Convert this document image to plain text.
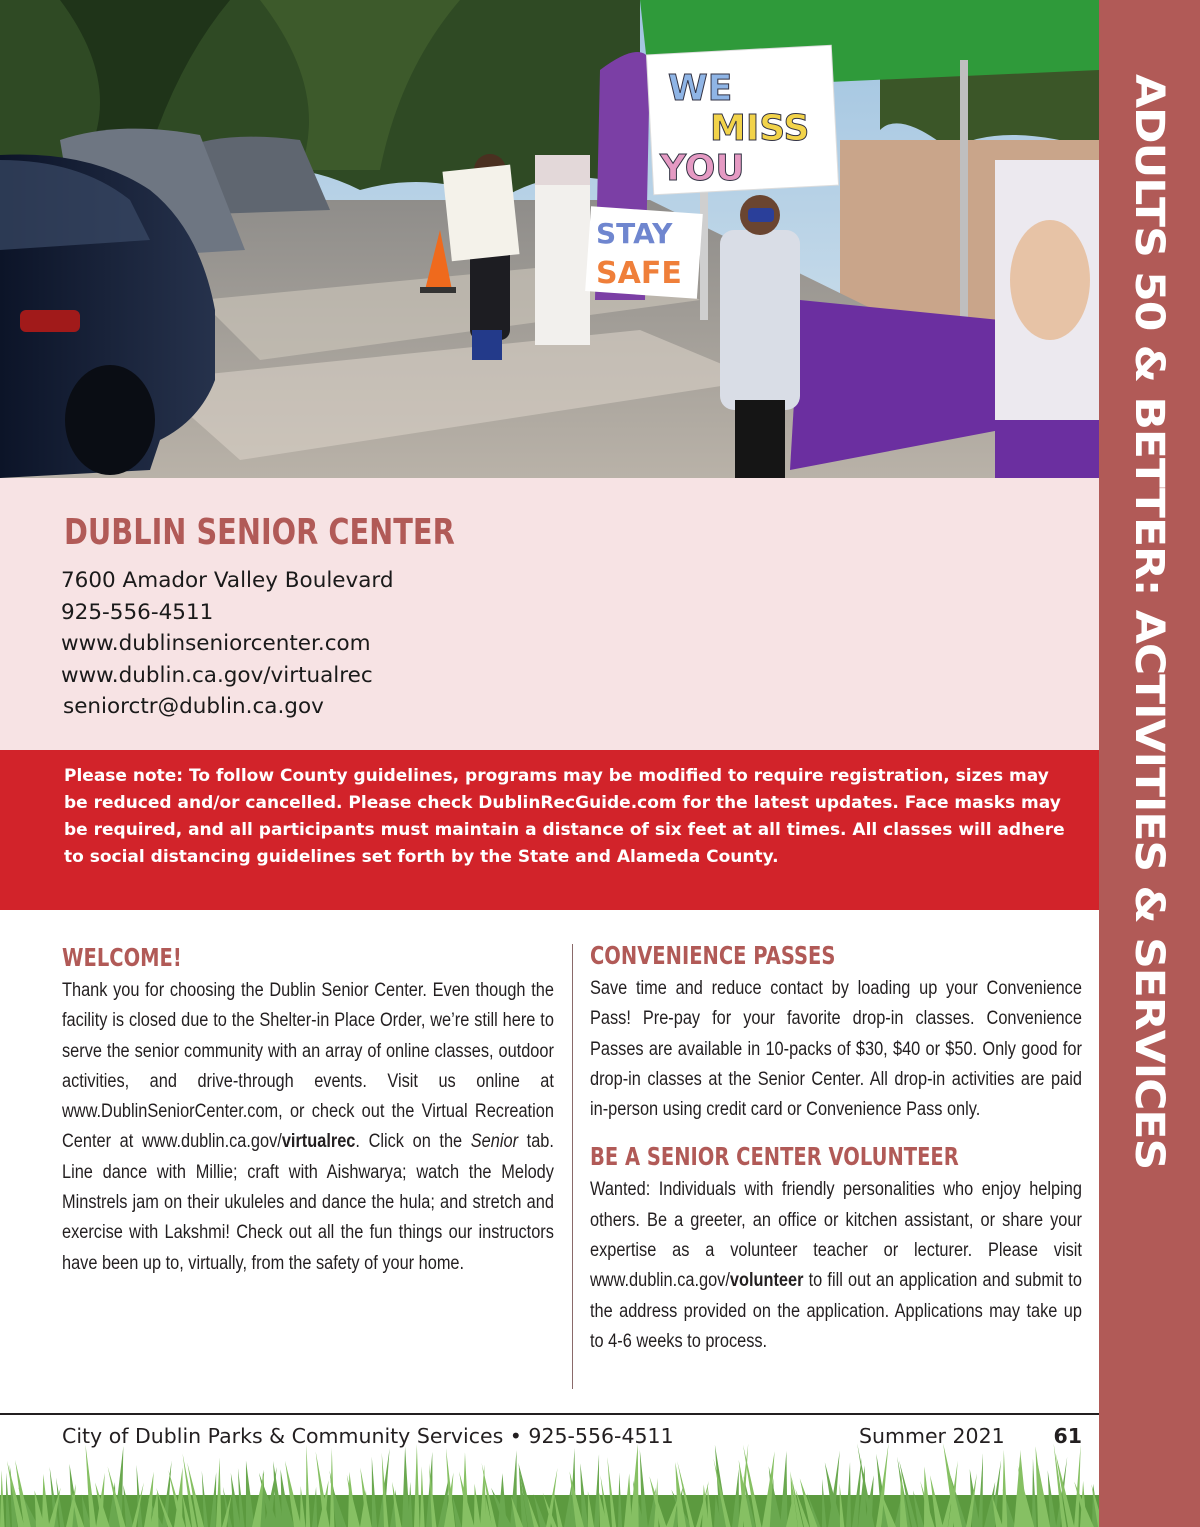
WE
MISS
YOU
STAY
SAFE	ADULTS 50 & BETTER: ACTIVITIES & SERVICES
DUBLIN SENIOR CENTER
7600 Amador Valley Boulevard
925-556-4511
www.dublinseniorcenter.com
www.dublin.ca.gov/virtualrec
seniorctr@dublin.ca.gov
Please note: To follow County guidelines, programs may be modified to require registration, sizes may be reduced and/or cancelled. Please check DublinRecGuide.com for the latest updates. Face masks may be required, and all participants must maintain a distance of six feet at all times. All classes will adhere to social distancing guidelines set forth by the State and Alameda County.
WELCOME!
Thank you for choosing the Dublin Senior Center. Even though the facility is closed due to the Shelter-in Place Order, we’re still here to serve the senior community with an array of online classes, outdoor activities, and drive-through events. Visit us online at www.DublinSeniorCenter.com, or check out the Virtual Recreation Center at www.dublin.ca.gov/virtualrec. Click on the Senior tab. Line dance with Millie; craft with Aishwarya; watch the Melody Minstrels jam on their ukuleles and dance the hula; and stretch and exercise with Lakshmi! Check out all the fun things our instructors have been up to, virtually, from the safety of your home.
CONVENIENCE PASSES
Save time and reduce contact by loading up your Convenience Pass! Pre-pay for your favorite drop-in classes. Convenience Passes are available in 10-packs of $30, $40 or $50. Only good for drop-in classes at the Senior Center. All drop-in activities are paid in-person using credit card or Convenience Pass only.
BE A SENIOR CENTER VOLUNTEER
Wanted: Individuals with friendly personalities who enjoy helping others. Be a greeter, an office or kitchen assistant, or share your expertise as a volunteer teacher or lecturer. Please visit www.dublin.ca.gov/volunteer to fill out an application and submit to the address provided on the application. Applications may take up to 4-6 weeks to process.
City of Dublin Parks & Community Services • 925-556-4511	Summer 2021 61
